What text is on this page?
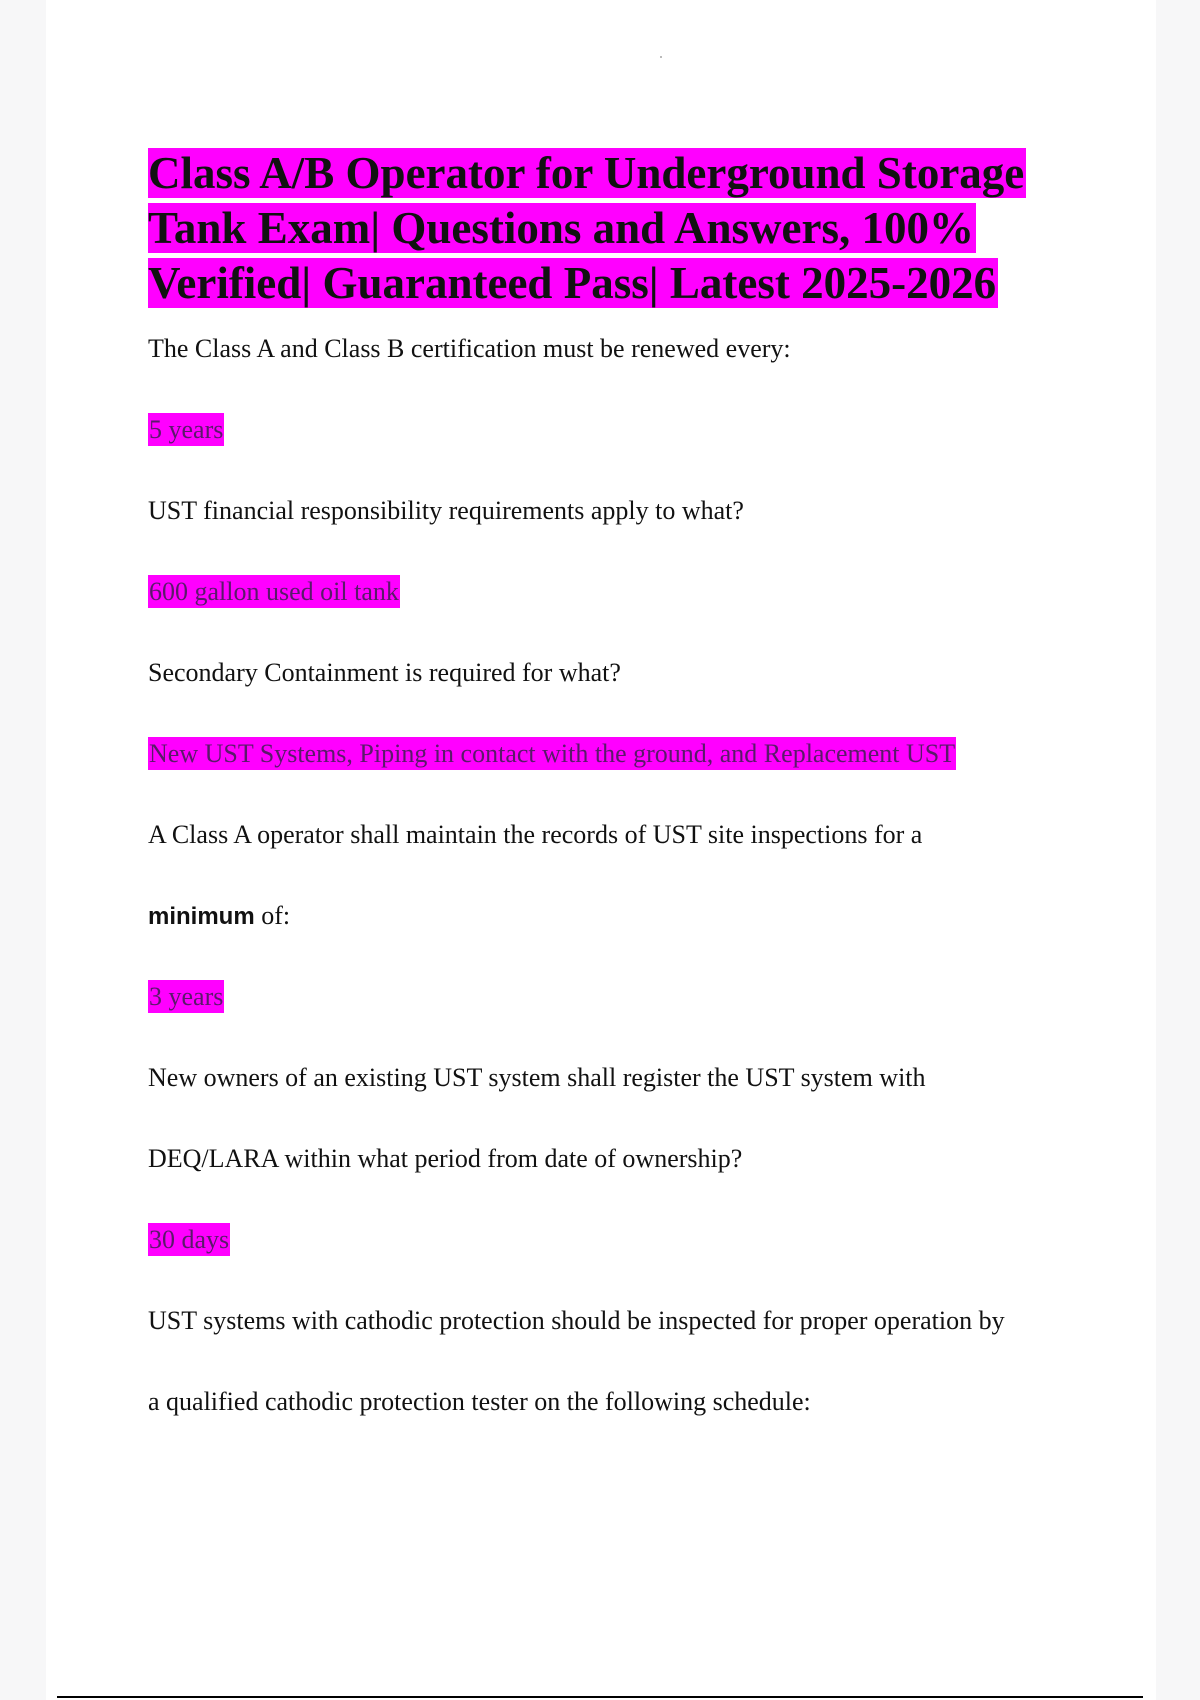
Class A/B Operator for Underground Storage Tank Exam| Questions and Answers, 100% Verified| Guaranteed Pass| Latest 2025-2026
The Class A and Class B certification must be renewed every:
5 years
UST financial responsibility requirements apply to what?
600 gallon used oil tank
Secondary Containment is required for what?
New UST Systems, Piping in contact with the ground, and Replacement UST
A Class A operator shall maintain the records of UST site inspections for a
minimum of:
3 years
New owners of an existing UST system shall register the UST system with
DEQ/LARA within what period from date of ownership?
30 days
UST systems with cathodic protection should be inspected for proper operation by
a qualified cathodic protection tester on the following schedule:
